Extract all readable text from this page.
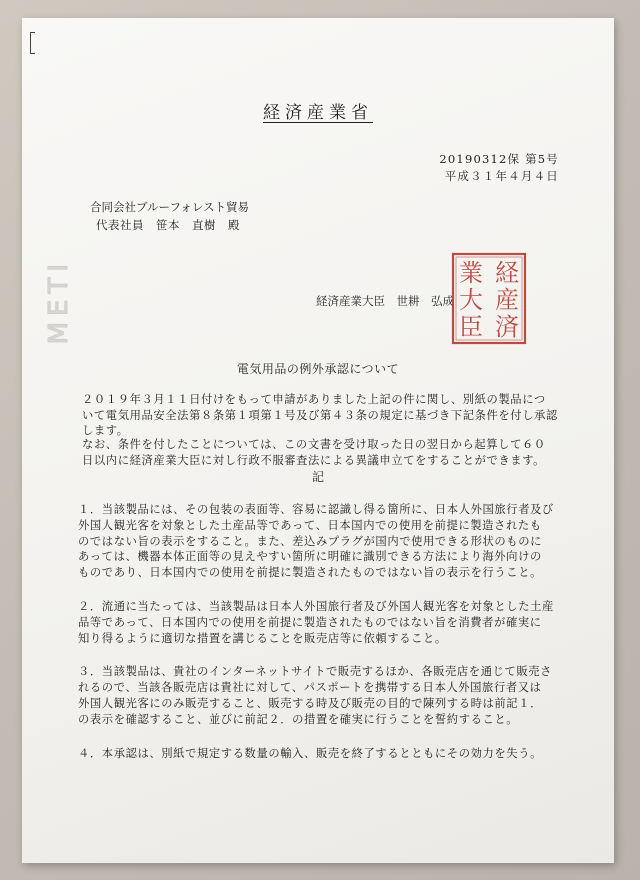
経済産業省
20190312保 第5号
平成３１年４月４日
合同会社ブルーフォレスト貿易
代表社員　笹本　直樹　殿
METI	経済産業大臣　世耕　弘成
経
産
済
業
大
臣
電気用品の例外承認について
２０１９年３月１１日付けをもって申請がありました上記の件に関し、別紙の製品につ
いて電気用品安全法第８条第１項第１号及び第４３条の規定に基づき下記条件を付し承認
します。
なお、条件を付したことについては、この文書を受け取った日の翌日から起算して６０
日以内に経済産業大臣に対し行政不服審査法による異議申立てをすることができます。
記
１．当該製品には、その包装の表面等、容易に認識し得る箇所に、日本人外国旅行者及び
外国人観光客を対象とした土産品等であって、日本国内での使用を前提に製造されたも
のではない旨の表示をすること。また、差込みプラグが国内で使用できる形状のものに
あっては、機器本体正面等の見えやすい箇所に明確に識別できる方法により海外向けの
ものであり、日本国内での使用を前提に製造されたものではない旨の表示を行うこと。
２．流通に当たっては、当該製品は日本人外国旅行者及び外国人観光客を対象とした土産
品等であって、日本国内での使用を前提に製造されたものではない旨を消費者が確実に
知り得るように適切な措置を講じることを販売店等に依頼すること。
３．当該製品は、貴社のインターネットサイトで販売するほか、各販売店を通じて販売さ
れるので、当該各販売店は貴社に対して、パスポートを携帯する日本人外国旅行者又は
外国人観光客にのみ販売すること、販売する時及び販売の目的で陳列する時は前記１．
の表示を確認すること、並びに前記２．の措置を確実に行うことを誓約すること。
４．本承認は、別紙で規定する数量の輸入、販売を終了するとともにその効力を失う。
